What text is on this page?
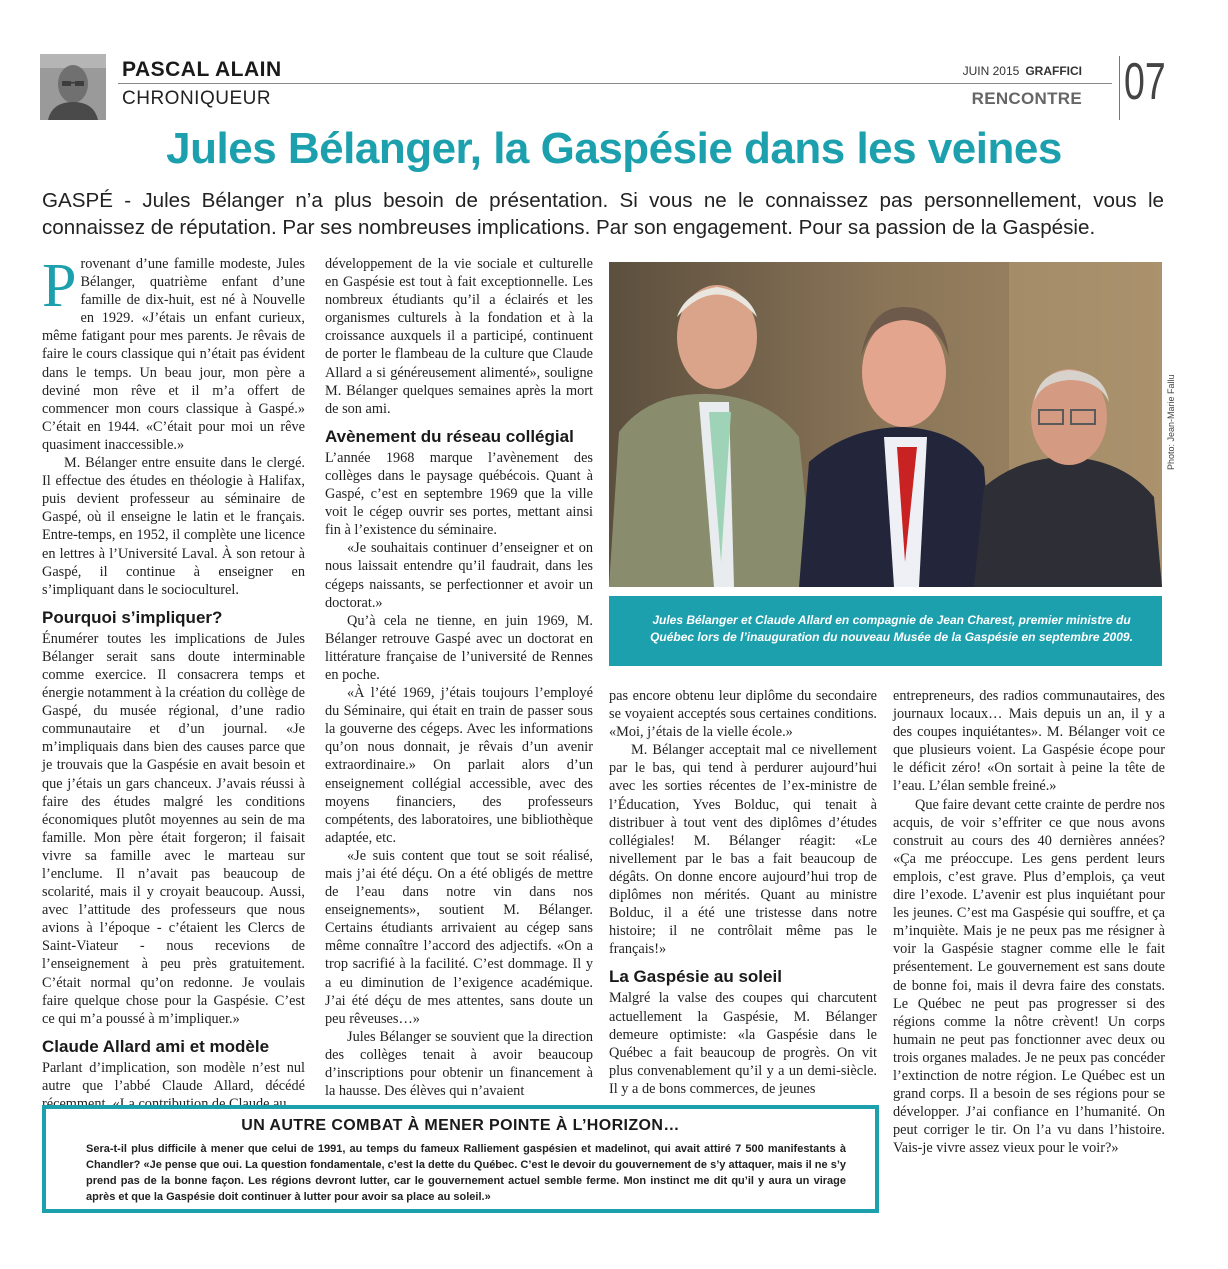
PASCAL ALAIN
CHRONIQUEUR
JUIN 2015 GRAFFICI
RENCONTRE 07
Jules Bélanger, la Gaspésie dans les veines
GASPÉ - Jules Bélanger n’a plus besoin de présentation. Si vous ne le connaissez pas personnellement, vous le connaissez de réputation. Par ses nombreuses implications. Par son engagement. Pour sa passion de la Gaspésie.

Provenant d’une famille modeste, Jules Bélanger, quatrième enfant d’une famille de dix-huit, est né à Nouvelle en 1929. «J’étais un enfant curieux, même fatigant pour mes parents. Je rêvais de faire le cours classique qui n’était pas évident dans le temps. Un beau jour, mon père a deviné mon rêve et il m’a offert de commencer mon cours classique à Gaspé.» C’était en 1944. «C’était pour moi un rêve quasiment inaccessible.»

M. Bélanger entre ensuite dans le clergé. Il effectue des études en théologie à Halifax, puis devient professeur au séminaire de Gaspé, où il enseigne le latin et le français. Entre-temps, en 1952, il complète une licence en lettres à l’Université Laval. À son retour à Gaspé, il continue à enseigner en s’impliquant dans le socioculturel.

Pourquoi s’impliquer?

Énumérer toutes les implications de Jules Bélanger serait sans doute interminable comme exercice. Il consacrera temps et énergie notamment à la création du collège de Gaspé, du musée régional, d’une radio communautaire et d’un journal. «Je m’impliquais dans bien des causes parce que je trouvais que la Gaspésie en avait besoin et que j’étais un gars chanceux. J’avais réussi à faire des études malgré les conditions économiques plutôt moyennes au sein de ma famille. Mon père était forgeron; il faisait vivre sa famille avec le marteau sur l’enclume. Il n’avait pas beaucoup de scolarité, mais il y croyait beaucoup. Aussi, avec l’attitude des professeurs que nous avions à l’époque - c’étaient les Clercs de Saint-Viateur - nous recevions de l’enseignement à peu près gratuitement. C’était normal qu’on redonne. Je voulais faire quelque chose pour la Gaspésie. C’est ce qui m’a poussé à m’impliquer.»

Claude Allard ami et modèle

Parlant d’implication, son modèle n’est nul autre que l’abbé Claude Allard, décédé

développement de la vie sociale et culturelle en Gaspésie est tout à fait exceptionnelle. Les nombreux étudiants qu’il a éclairés et les organismes culturels à la fondation et à la croissance auxquels il a participé, continuent de porter le flambeau de la culture que Claude Allard a si généreusement alimenté», souligne M. Bélanger quelques semaines après la mort de son ami.

Avènement du réseau collégial

L’année 1968 marque l’avènement des collèges dans le paysage québécois. Quant à Gaspé, c’est en septembre 1969 que la ville voit le cégep ouvrir ses portes, mettant ainsi fin à l’existence du séminaire.

«Je souhaitais continuer d’enseigner et on nous laissait entendre qu’il faudrait, dans les cégeps naissants, se perfectionner et avoir un doctorat.»

Qu’à cela ne tienne, en juin 1969, M. Bélanger retrouve Gaspé avec un doctorat en littérature française de l’université de Rennes en poche.

«À l’été 1969, j’étais toujours l’employé du Séminaire, qui était en train de passer sous la gouverne des cégeps. Avec les informations qu’on nous donnait, je rêvais d’un avenir extraordinaire.» On parlait alors d’un enseignement collégial accessible, avec des moyens financiers, des professeurs compétents, des laboratoires, une bibliothèque adaptée, etc.

«Je suis content que tout se soit réalisé, mais j’ai été déçu. On a été obligés de mettre de l’eau dans notre vin dans nos enseignements», soutient M. Bélanger. Certains étudiants arrivaient au cégep sans même connaître l’accord des adjectifs. «On a trop sacrifié à la facilité. C’est dommage. Il y a eu diminution de l’exigence académique. J’ai été déçu de mes attentes, sans doute un peu rêveuses…»

Jules Bélanger se souvient que la direction des collèges tenait à avoir beaucoup d’inscriptions pour obtenir un financement à la hausse. Des élèves qui n’avaient

Photo: Jean-Marie Fallu
Jules Bélanger et Claude Allard en compagnie de Jean Charest, premier ministre du Québec lors de l’inauguration du nouveau Musée de la Gaspésie en septembre 2009.

pas encore obtenu leur diplôme du secondaire se voyaient acceptés sous certaines conditions. «Moi, j’étais de la vielle école.»

M. Bélanger acceptait mal ce nivellement par le bas, qui tend à perdurer aujourd’hui avec les sorties récentes de l’ex-ministre de l’Éducation, Yves Bolduc, qui tenait à distribuer à tout vent des diplômes d’études collégiales! M. Bélanger réagit: «Le nivellement par le bas a fait beaucoup de dégâts. On donne encore aujourd’hui trop de diplômes non mérités. Quant au ministre Bolduc, il a été une tristesse dans notre histoire; il ne contrôlait même pas le français!»

La Gaspésie au soleil

Malgré la valse des coupes qui charcutent actuellement la Gaspésie, M. Bélanger demeure optimiste: «la Gaspésie dans le Québec a fait beaucoup de progrès. On vit plus convenablement qu’il y a un demi-siècle. Il y a de bons commerces, de jeunes

entrepreneurs, des radios communautaires, des journaux locaux… Mais depuis un an, il y a des coupes inquiétantes». M. Bélanger voit ce que plusieurs voient. La Gaspésie écope pour le déficit zéro! «On sortait à peine la tête de l’eau. L’élan semble freiné.»

Que faire devant cette crainte de perdre nos acquis, de voir s’effriter ce que nous avons construit au cours des 40 dernières années? «Ça me préoccupe. Les gens perdent leurs emplois, c’est grave. Plus d’emplois, ça veut dire l’exode. L’avenir est plus inquiétant pour les jeunes. C’est ma Gaspésie qui souffre, et ça m’inquiète. Mais je ne peux pas me résigner à voir la Gaspésie stagner comme elle le fait présentement. Le gouvernement est sans doute de bonne foi, mais il devra faire des constats. Le Québec ne peut pas progresser si des régions comme la nôtre crèvent! Un corps humain ne peut pas fonctionner avec deux ou trois organes malades. Je ne peux pas concéder l’extinction de notre région. Le Québec est un grand corps. Il a besoin de ses régions pour se développer. J’ai confiance en l’humanité. On peut corriger le tir. On l’a vu dans l’histoire. Vais-je vivre assez vieux pour le voir?»

UN AUTRE COMBAT À MENER POINTE À L’HORIZON…
Sera-t-il plus difficile à mener que celui de 1991, au temps du fameux Ralliement gaspésien et madelinot, qui avait attiré 7 500 manifestants à Chandler? «Je pense que oui. La question fondamentale, c’est la dette du Québec. C’est le devoir du gouvernement de s’y attaquer, mais il ne s’y prend pas de la bonne façon. Les régions devront lutter, car le gouvernement actuel semble ferme. Mon instinct me dit qu’il y aura un virage après et que la Gaspésie doit continuer à lutter pour avoir sa place au soleil.»
